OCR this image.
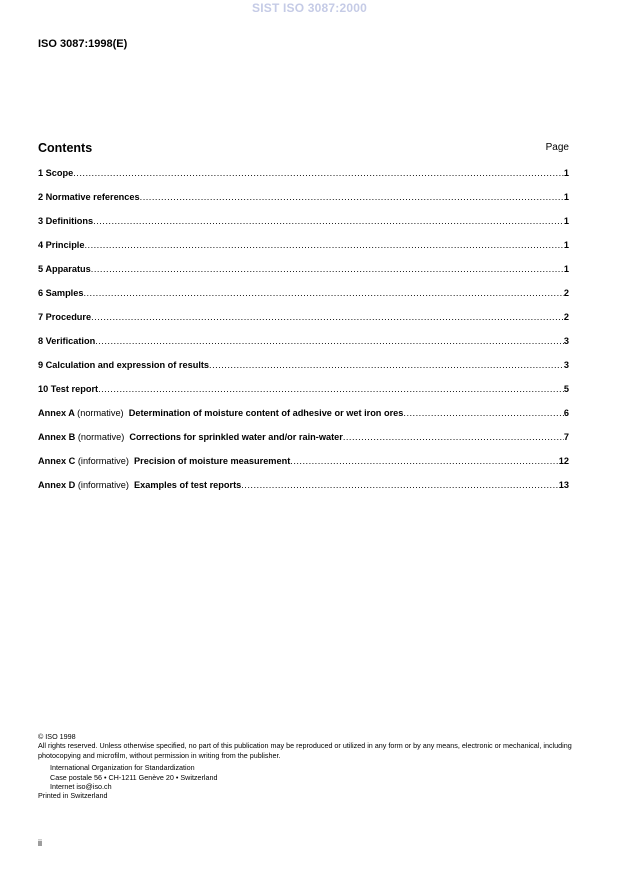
SIST ISO 3087:2000
ISO 3087:1998(E)
Contents	Page
1 Scope .....	1
2 Normative references .....	1
3 Definitions .....	1
4 Principle .....	1
5 Apparatus .....	1
6 Samples .....	2
7 Procedure .....	2
8 Verification .....	3
9 Calculation and expression of results .....	3
10 Test report .....	5
Annex A (normative) Determination of moisture content of adhesive or wet iron ores .....	6
Annex B (normative) Corrections for sprinkled water and/or rain-water .....	7
Annex C (informative) Precision of moisture measurement .....	12
Annex D (informative) Examples of test reports .....	13
© ISO 1998
All rights reserved. Unless otherwise specified, no part of this publication may be reproduced or utilized in any form or by any means, electronic or mechanical, including photocopying and microfilm, without permission in writing from the publisher.
International Organization for Standardization
Case postale 56 • CH-1211 Genève 20 • Switzerland
Internet iso@iso.ch
Printed in Switzerland
ii
